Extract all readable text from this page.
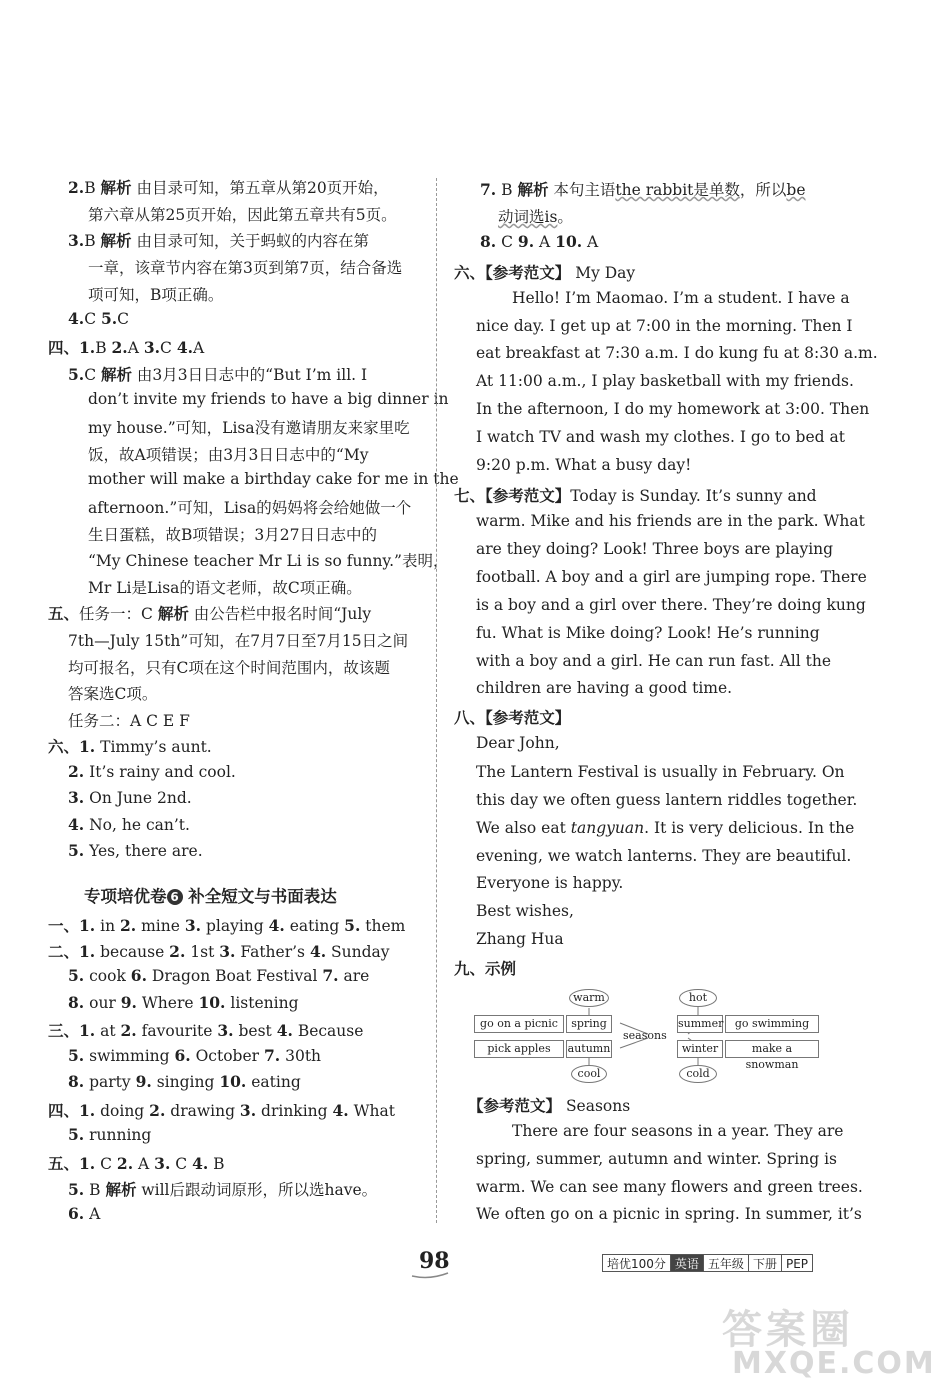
2.B 解析 由目录可知，第五章从第20页开始，
第六章从第25页开始，因此第五章共有5页。
3.B 解析 由目录可知，关于蚂蚁的内容在第
一章，该章节内容在第3页到第7页，结合备选
项可知，B项正确。
4.C 5.C
四、1.B 2.A 3.C 4.A
5.C 解析 由3月3日日志中的“But I’m ill. I
don’t invite my friends to have a big dinner in
my house.”可知，Lisa没有邀请朋友来家里吃
饭，故A项错误；由3月3日日志中的“My
mother will make a birthday cake for me in the
afternoon.”可知，Lisa的妈妈将会给她做一个
生日蛋糕，故B项错误；3月27日日志中的
“My Chinese teacher Mr Li is so funny.”表明，
Mr Li是Lisa的语文老师，故C项正确。
五、任务一：C 解析 由公告栏中报名时间“July
7th—July 15th”可知，在7月7日至7月15日之间
均可报名，只有C项在这个时间范围内，故该题
答案选C项。
任务二：A C E F
六、1. Timmy’s aunt.
2. It’s rainy and cool.
3. On June 2nd.
4. No, he can’t.
5. Yes, there are.
一、1. in 2. mine 3. playing 4. eating 5. them
二、1. because 2. 1st 3. Father’s 4. Sunday
5. cook 6. Dragon Boat Festival 7. are
8. our 9. Where 10. listening
三、1. at 2. favourite 3. best 4. Because
5. swimming 6. October 7. 30th
8. party 9. singing 10. eating
四、1. doing 2. drawing 3. drinking 4. What
5. running
五、1. C 2. A 3. C 4. B
5. B 解析 will后跟动词原形，所以选have。
6. A
7. B 解析 本句主语the rabbit是单数，所以be
动词选is。
8. C 9. A 10. A
六、【参考范文】 My Day
Hello! I’m Maomao. I’m a student. I have a
nice day. I get up at 7:00 in the morning. Then I
eat breakfast at 7:30 a.m. I do kung fu at 8:30 a.m.
At 11:00 a.m., I play basketball with my friends.
In the afternoon, I do my homework at 3:00. Then
I watch TV and wash my clothes. I go to bed at
9:20 p.m. What a busy day!
七、【参考范文】Today is Sunday. It’s sunny and
warm. Mike and his friends are in the park. What
are they doing? Look! Three boys are playing
football. A boy and a girl are jumping rope. There
is a boy and a girl over there. They’re doing kung
fu. What is Mike doing? Look! He’s running
with a boy and a girl. He can run fast. All the
children are having a good time.
八、【参考范文】
Dear John,
The Lantern Festival is usually in February. On
this day we often guess lantern riddles together.
We also eat tangyuan. It is very delicious. In the
evening, we watch lanterns. They are beautiful.
Everyone is happy.
Best wishes,
Zhang Hua
九、示例
【参考范文】 Seasons
There are four seasons in a year. They are
spring, summer, autumn and winter. Spring is
warm. We can see many flowers and green trees.
We often go on a picnic in spring. In summer, it’s
专项培优卷 6 补全短文与书面表达
warm
go on a picnic	spring
pick apples	autumn
cool
seasons
hot
summer	go swimming
winter	make a snowman
cold
98	培优100分 英语 五年级 下册 PEP
答案圈
MXQE.COM
